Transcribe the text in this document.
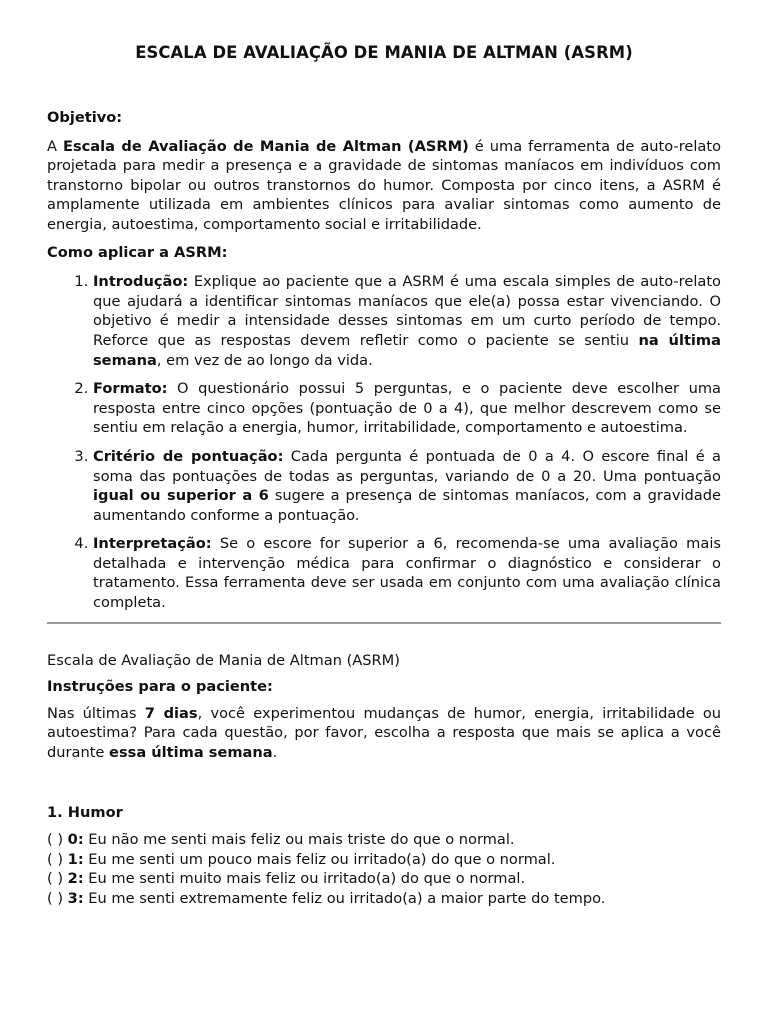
ESCALA DE AVALIAÇÃO DE MANIA DE ALTMAN (ASRM)
Objetivo:

A Escala de Avaliação de Mania de Altman (ASRM) é uma ferramenta de auto-relato projetada para medir a presença e a gravidade de sintomas maníacos em indivíduos com transtorno bipolar ou outros transtornos do humor. Composta por cinco itens, a ASRM é amplamente utilizada em ambientes clínicos para avaliar sintomas como aumento de energia, autoestima, comportamento social e irritabilidade.

Como aplicar a ASRM:
1. Introdução: Explique ao paciente que a ASRM é uma escala simples de auto-relato que ajudará a identificar sintomas maníacos que ele(a) possa estar vivenciando. O objetivo é medir a intensidade desses sintomas em um curto período de tempo. Reforce que as respostas devem refletir como o paciente se sentiu na última semana, em vez de ao longo da vida.
2. Formato: O questionário possui 5 perguntas, e o paciente deve escolher uma resposta entre cinco opções (pontuação de 0 a 4), que melhor descrevem como se sentiu em relação a energia, humor, irritabilidade, comportamento e autoestima.
3. Critério de pontuação: Cada pergunta é pontuada de 0 a 4. O escore final é a soma das pontuações de todas as perguntas, variando de 0 a 20. Uma pontuação igual ou superior a 6 sugere a presença de sintomas maníacos, com a gravidade aumentando conforme a pontuação.
4. Interpretação: Se o escore for superior a 6, recomenda-se uma avaliação mais detalhada e intervenção médica para confirmar o diagnóstico e considerar o tratamento. Essa ferramenta deve ser usada em conjunto com uma avaliação clínica completa.
Escala de Avaliação de Mania de Altman (ASRM)
Instruções para o paciente:

Nas últimas 7 dias, você experimentou mudanças de humor, energia, irritabilidade ou autoestima? Para cada questão, por favor, escolha a resposta que mais se aplica a você durante essa última semana.

1. Humor
( ) 0: Eu não me senti mais feliz ou mais triste do que o normal.
( ) 1: Eu me senti um pouco mais feliz ou irritado(a) do que o normal.
( ) 2: Eu me senti muito mais feliz ou irritado(a) do que o normal.
( ) 3: Eu me senti extremamente feliz ou irritado(a) a maior parte do tempo.
